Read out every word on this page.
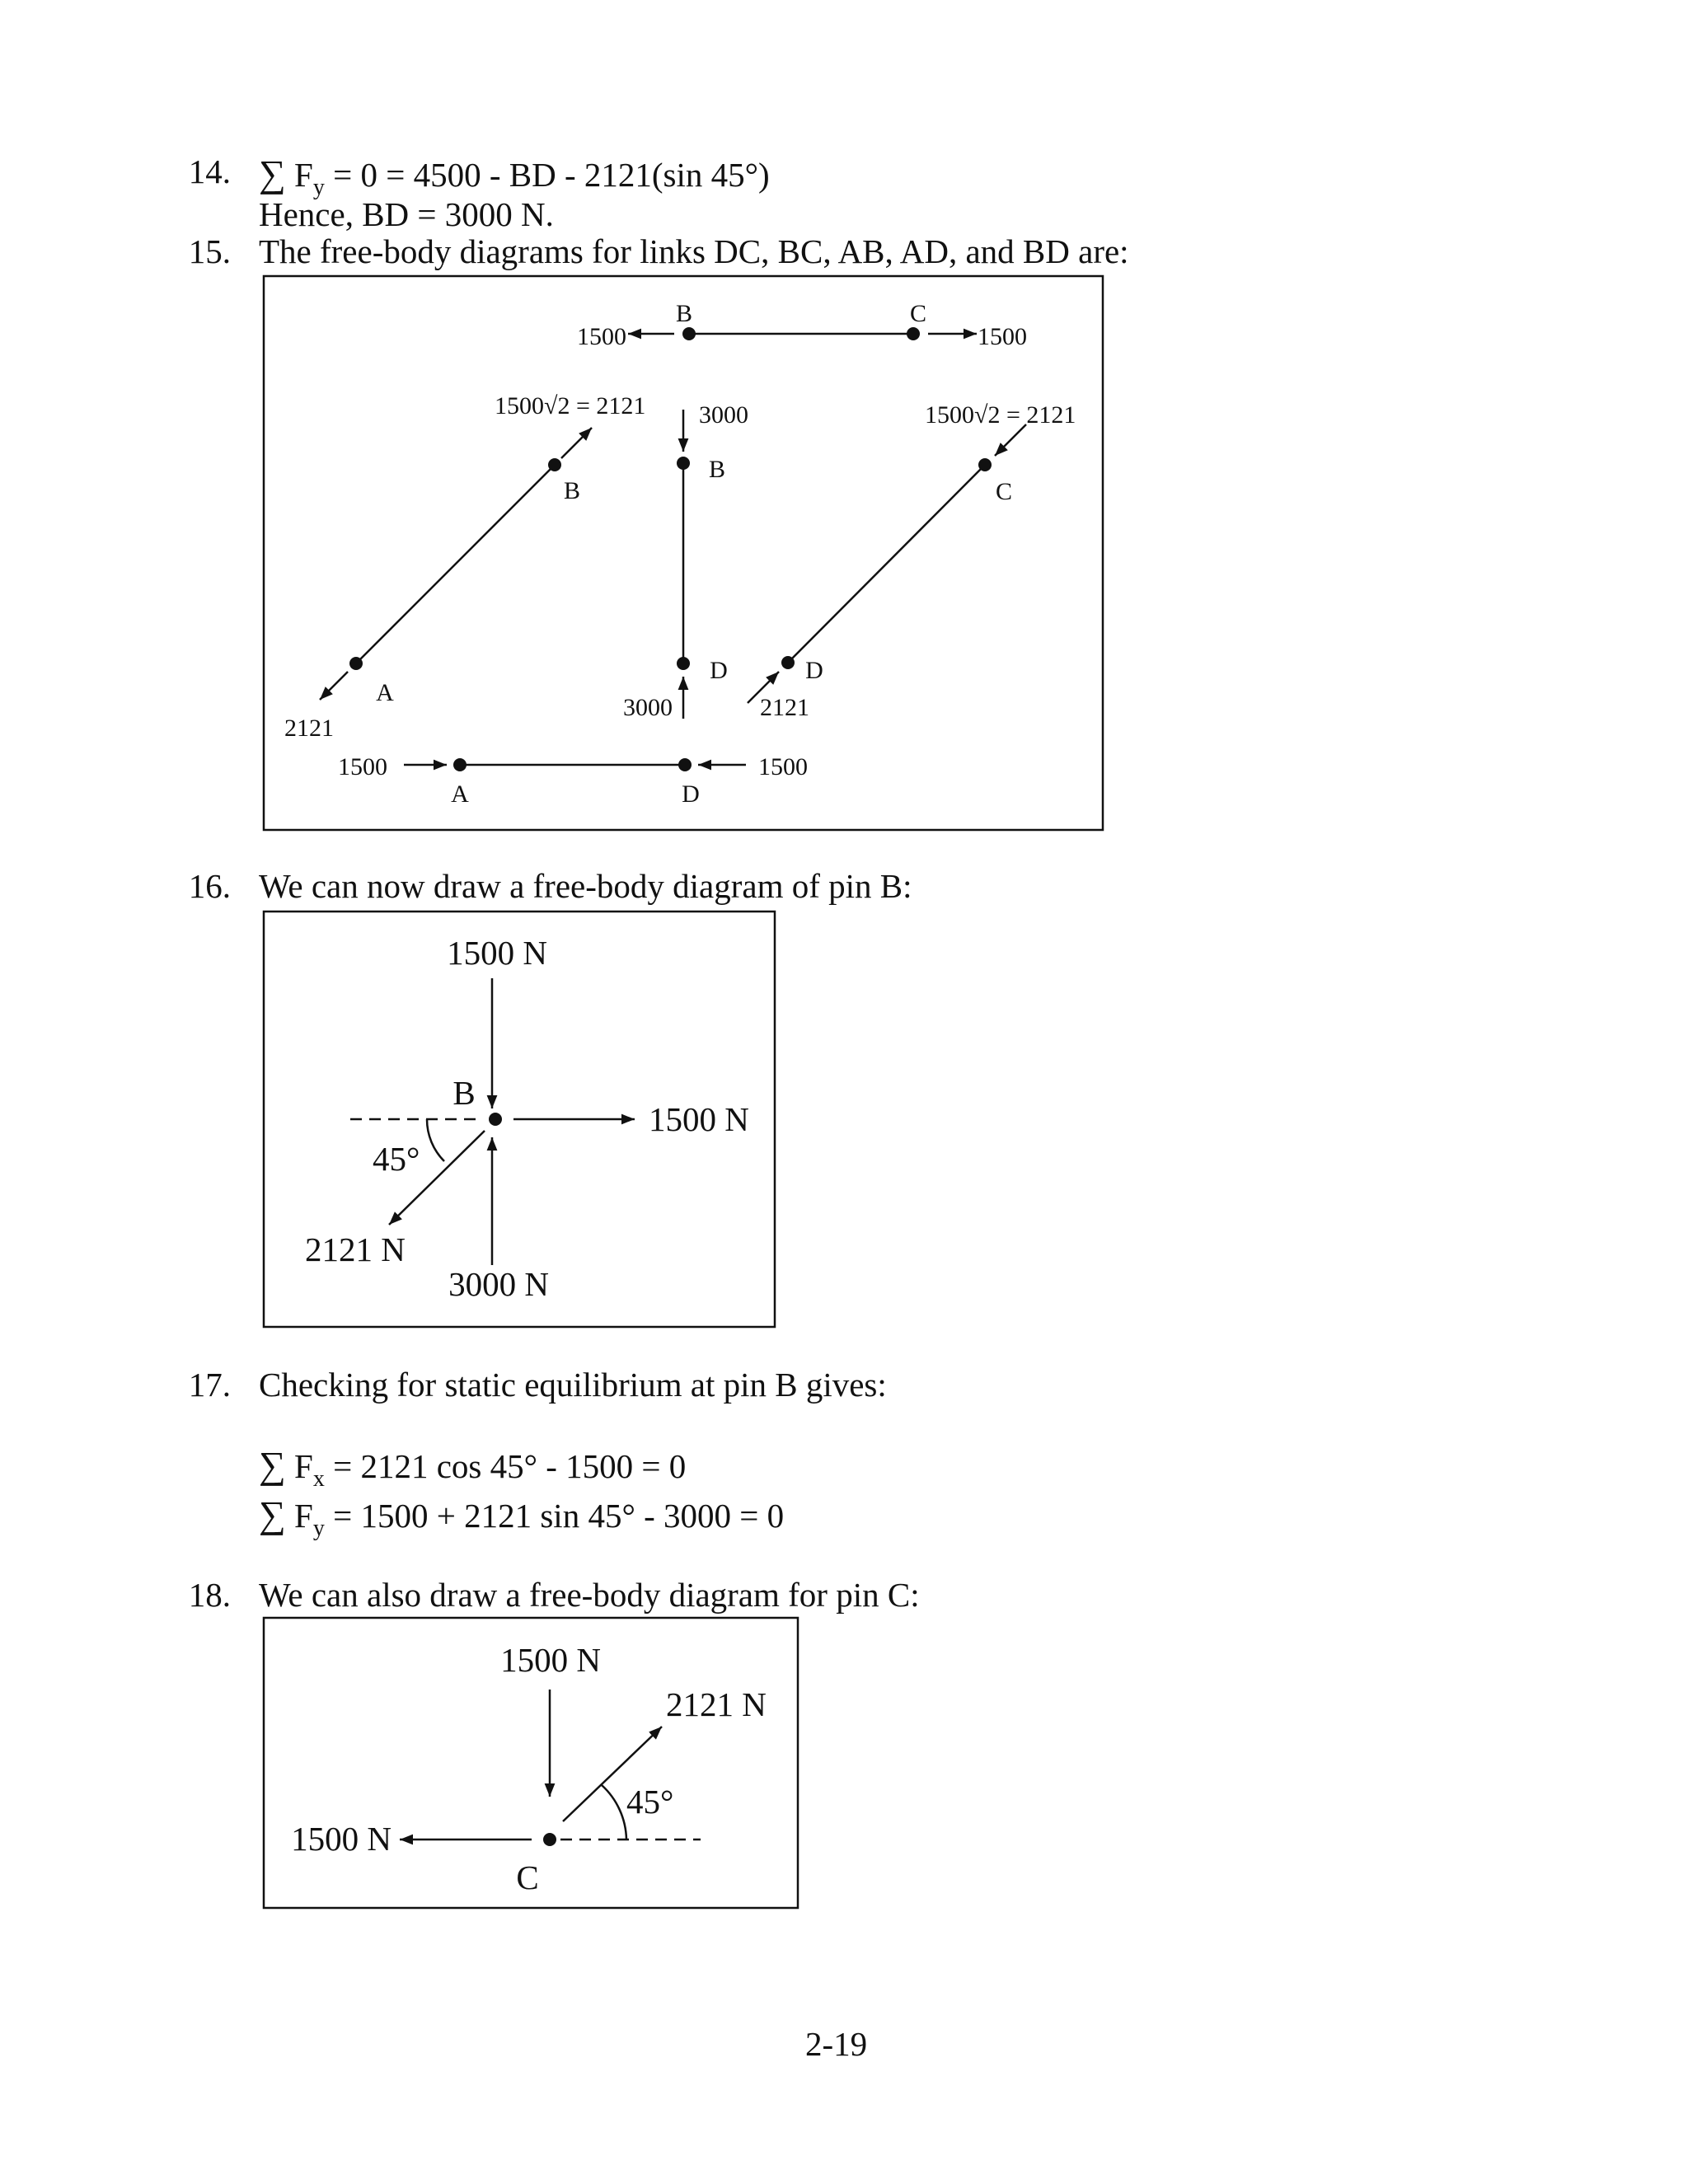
14. ∑ $F_y = 0 = 4500$ - BD - 2121(sin 45°)
Hence, BD = 3000 N.
15. The free-body diagrams for links DC, BC, AB, AD, and BD are:
B	C
1500	1500
1500√2 = 2121
B
A
2121
3000
B
D
3000
1500√2 = 2121
C
D
2121
1500
A	D
1500
16. We can now draw a free-body diagram of pin B:
1500 N
B
1500 N
45°
2121 N
3000 N
17. Checking for static equilibrium at pin B gives:
∑ $F_x = 2121$ cos 45° - 1500 = 0
∑ $F_y = 1500 + 2121$ sin 45° - 3000 = 0
18. We can also draw a free-body diagram for pin C:
1500 N
2121 N
45°
1500 N
C
2-19
